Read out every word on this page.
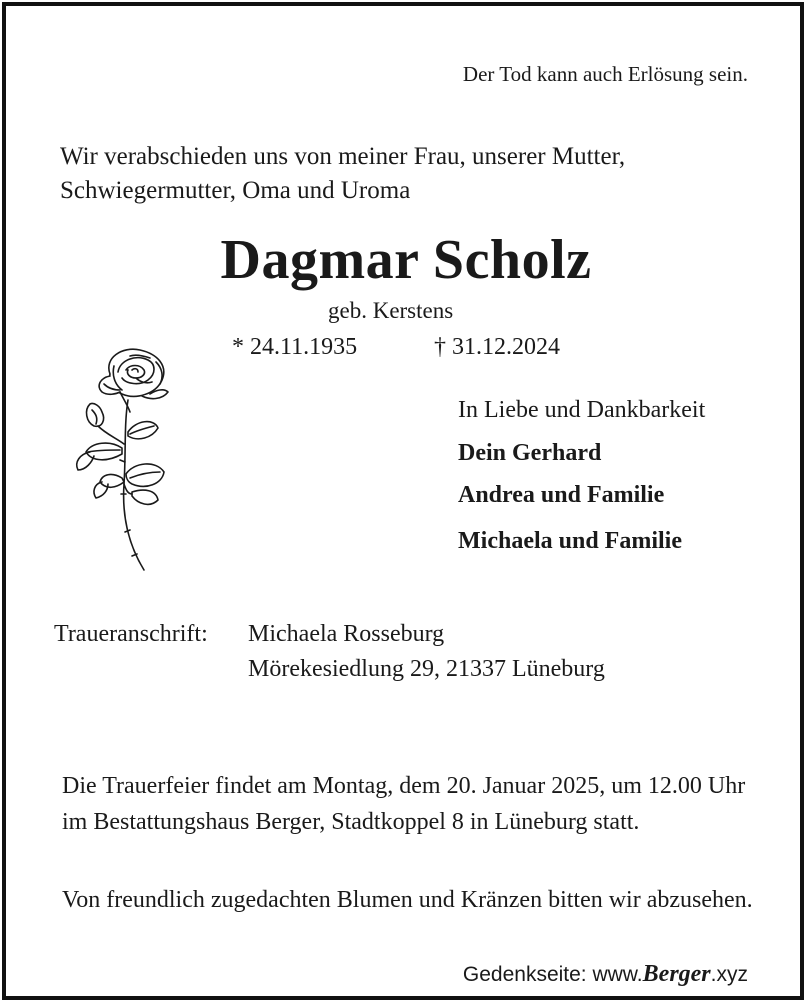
Der Tod kann auch Erlösung sein.
Wir verabschieden uns von meiner Frau, unserer Mutter,
Schwiegermutter, Oma und Uroma
Dagmar Scholz
geb. Kerstens
* 24.11.1935	† 31.12.2024
In Liebe und Dankbarkeit
Dein Gerhard
Andrea und Familie
Michaela und Familie
Traueranschrift: Michaela Rosseburg
Mörekesiedlung 29, 21337 Lüneburg
Die Trauerfeier findet am Montag, dem 20. Januar 2025, um 12.00 Uhr im Bestattungshaus Berger, Stadtkoppel 8 in Lüneburg statt.
Von freundlich zugedachten Blumen und Kränzen bitten wir abzusehen.
Gedenkseite: www.Berger.xyz
